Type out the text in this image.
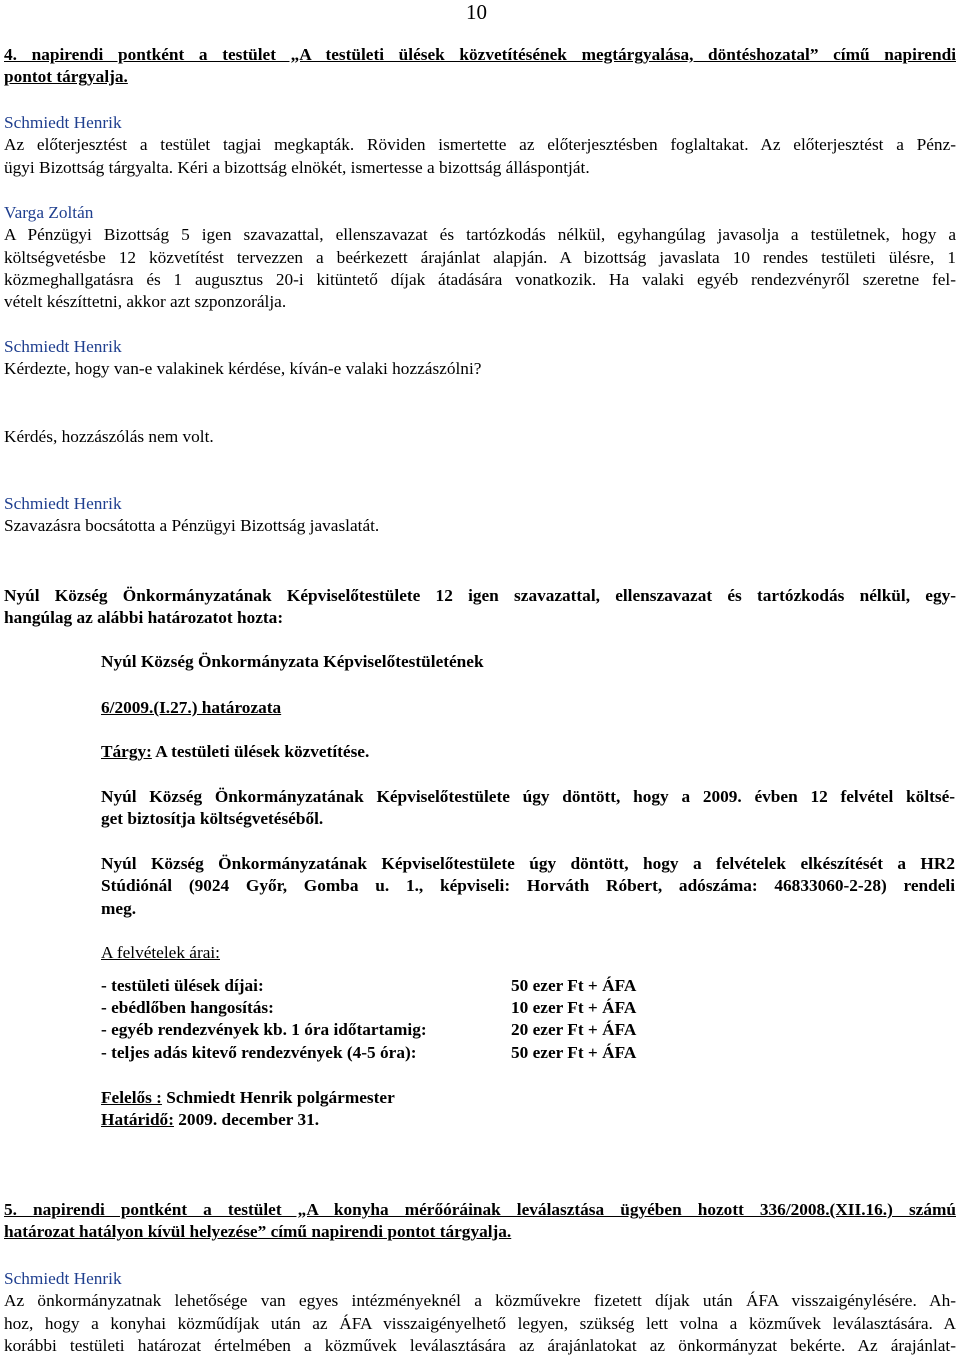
10
4. napirendi pontként a testület „A testületi ülések közvetítésének megtárgyalása, döntéshozatal” című napirendi
pontot tárgyalja.
Schmiedt Henrik
Az előterjesztést a testület tagjai megkapták. Röviden ismertette az előterjesztésben foglaltakat. Az előterjesztést a Pénz-
ügyi Bizottság tárgyalta. Kéri a bizottság elnökét, ismertesse a bizottság álláspontját.
Varga Zoltán
A Pénzügyi Bizottság 5 igen szavazattal, ellenszavazat és tartózkodás nélkül, egyhangúlag javasolja a testületnek, hogy a
költségvetésbe 12 közvetítést tervezzen a beérkezett árajánlat alapján. A bizottság javaslata 10 rendes testületi ülésre, 1
közmeghallgatásra és 1 augusztus 20-i kitüntető díjak átadására vonatkozik. Ha valaki egyéb rendezvényről szeretne fel-
vételt készíttetni, akkor azt szponzorálja.
Schmiedt Henrik
Kérdezte, hogy van-e valakinek kérdése, kíván-e valaki hozzászólni?
Kérdés, hozzászólás nem volt.
Schmiedt Henrik
Szavazásra bocsátotta a Pénzügyi Bizottság javaslatát.
Nyúl Község Önkormányzatának Képviselőtestülete 12 igen szavazattal, ellenszavazat és tartózkodás nélkül, egy-
hangúlag az alábbi határozatot hozta:
Nyúl Község Önkormányzata Képviselőtestületének
6/2009.(I.27.) határozata
Tárgy: A testületi ülések közvetítése.
Nyúl Község Önkormányzatának Képviselőtestülete úgy döntött, hogy a 2009. évben 12 felvétel költsé-
get biztosítja költségvetéséből.
Nyúl Község Önkormányzatának Képviselőtestülete úgy döntött, hogy a felvételek elkészítését a HR2
Stúdiónál (9024 Győr, Gomba u. 1., képviseli: Horváth Róbert, adószáma: 46833060-2-28) rendeli
meg.
A felvételek árai:
- testületi ülések díjai:	50 ezer Ft + ÁFA
- ebédlőben hangosítás:	10 ezer Ft + ÁFA
- egyéb rendezvények kb. 1 óra időtartamig:	20 ezer Ft + ÁFA
- teljes adás kitevő rendezvények (4-5 óra):	50 ezer Ft + ÁFA
Felelős : Schmiedt Henrik polgármester
Határidő: 2009. december 31.
5. napirendi pontként a testület „A konyha mérőóráinak leválasztása ügyében hozott 336/2008.(XII.16.) számú
határozat hatályon kívül helyezése” című napirendi pontot tárgyalja.
Schmiedt Henrik
Az önkormányzatnak lehetősége van egyes intézményeknél a közművekre fizetett díjak után ÁFA visszaigénylésére. Ah-
hoz, hogy a konyhai közműdíjak után az ÁFA visszaigényelhető legyen, szükség lett volna a közművek leválasztására. A
korábbi testületi határozat értelmében a közművek leválasztására az árajánlatokat az önkormányzat bekérte. Az árajánlat-
